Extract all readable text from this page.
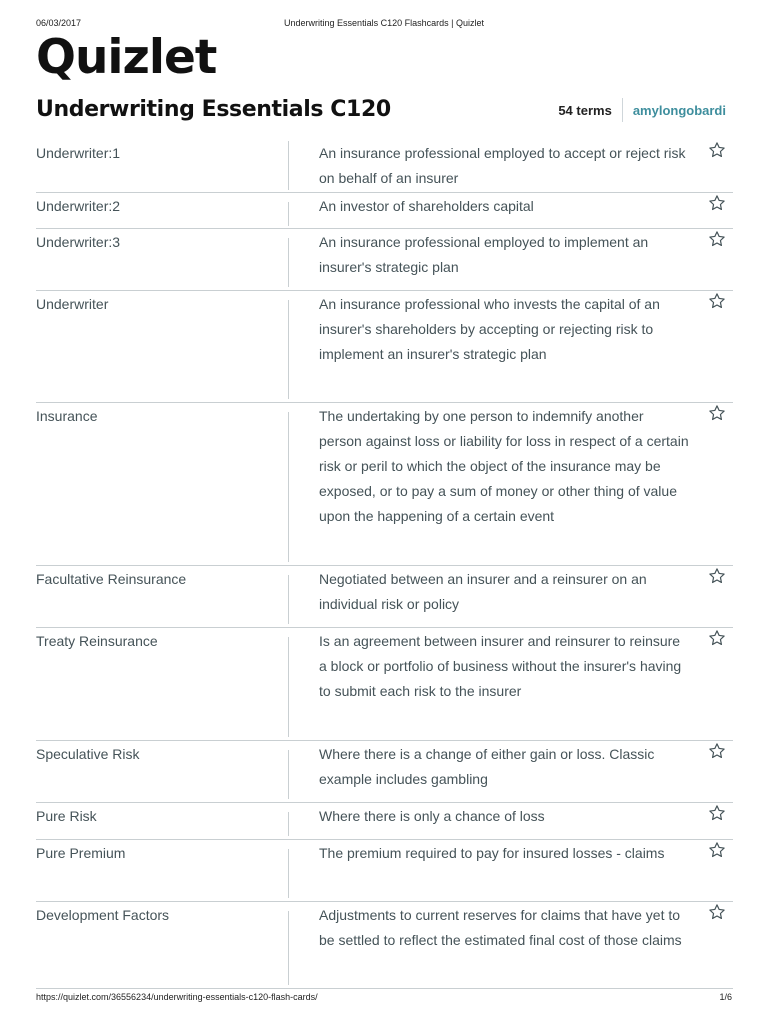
06/03/2017	Underwriting Essentials C120 Flashcards | Quizlet
Quizlet
Underwriting Essentials C120	54 terms	amylongobardi
Underwriter:1	An insurance professional employed to accept or reject risk on behalf of an insurer
Underwriter:2	An investor of shareholders capital
Underwriter:3	An insurance professional employed to implement an insurer's strategic plan
Underwriter	An insurance professional who invests the capital of an insurer's shareholders by accepting or rejecting risk to implement an insurer's strategic plan
Insurance	The undertaking by one person to indemnify another person against loss or liability for loss in respect of a certain risk or peril to which the object of the insurance may be exposed, or to pay a sum of money or other thing of value upon the happening of a certain event
Facultative Reinsurance	Negotiated between an insurer and a reinsurer on an individual risk or policy
Treaty Reinsurance	Is an agreement between insurer and reinsurer to reinsure a block or portfolio of business without the insurer's having to submit each risk to the insurer
Speculative Risk	Where there is a change of either gain or loss. Classic example includes gambling
Pure Risk	Where there is only a chance of loss
Pure Premium	The premium required to pay for insured losses - claims
Development Factors	Adjustments to current reserves for claims that have yet to be settled to reflect the estimated final cost of those claims
https://quizlet.com/36556234/underwriting-essentials-c120-flash-cards/	1/6
